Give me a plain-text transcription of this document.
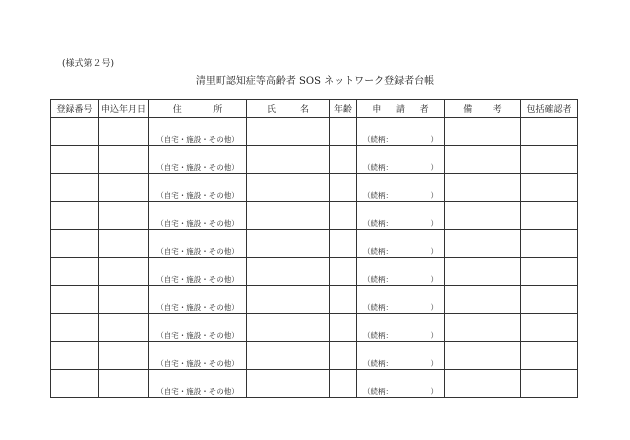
(様式第２号)
清里町認知症等高齢者 SOS ネットワーク登録者台帳
登録番号	申込年月日	住 所	氏 名	年齢	申 請 者	備 考	包括確認者

		（自宅・施設・その他）			（続柄： ）		

		（自宅・施設・その他）			（続柄： ）		

		（自宅・施設・その他）			（続柄： ）		

		（自宅・施設・その他）			（続柄： ）		

		（自宅・施設・その他）			（続柄： ）		

		（自宅・施設・その他）			（続柄： ）		

		（自宅・施設・その他）			（続柄： ）		

		（自宅・施設・その他）			（続柄： ）		

		（自宅・施設・その他）			（続柄： ）		

		（自宅・施設・その他）			（続柄： ）		
